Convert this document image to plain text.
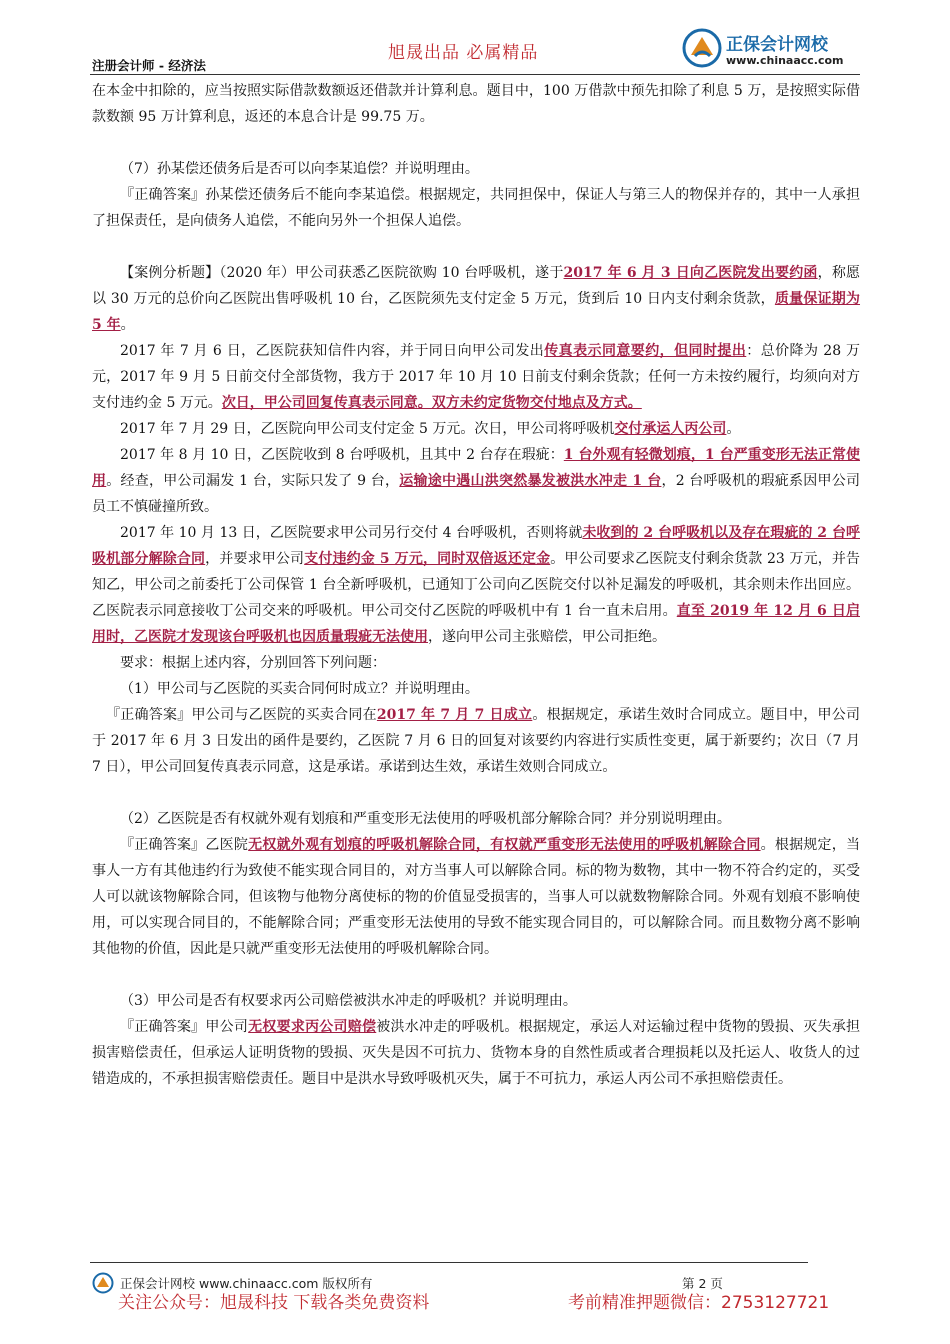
旭晟出品 必属精品
注册会计师 - 经济法
正保会计网校
www.chinaacc.com

在本金中扣除的，应当按照实际借款数额返还借款并计算利息。题目中，100 万借款中预先扣除了利息 5 万，是按照实际借款数额 95 万计算利息，返还的本息合计是 99.75 万。

（7）孙某偿还债务后是否可以向李某追偿？并说明理由。

『正确答案』孙某偿还债务后不能向李某追偿。根据规定，共同担保中，保证人与第三人的物保并存的，其中一人承担了担保责任，是向债务人追偿，不能向另外一个担保人追偿。

【案例分析题】（2020 年）甲公司获悉乙医院欲购 10 台呼吸机，遂于2017 年 6 月 3 日向乙医院发出要约函，称愿以 30 万元的总价向乙医院出售呼吸机 10 台，乙医院须先支付定金 5 万元，货到后 10 日内支付剩余货款，质量保证期为 5 年。

2017 年 7 月 6 日，乙医院获知信件内容，并于同日向甲公司发出传真表示同意要约，但同时提出：总价降为 28 万元，2017 年 9 月 5 日前交付全部货物，我方于 2017 年 10 月 10 日前支付剩余货款；任何一方未按约履行，均须向对方支付违约金 5 万元。次日，甲公司回复传真表示同意。双方未约定货物交付地点及方式。

2017 年 7 月 29 日，乙医院向甲公司支付定金 5 万元。次日，甲公司将呼吸机交付承运人丙公司。

2017 年 8 月 10 日，乙医院收到 8 台呼吸机，且其中 2 台存在瑕疵：1 台外观有轻微划痕，1 台严重变形无法正常使用。经查，甲公司漏发 1 台，实际只发了 9 台，运输途中遇山洪突然暴发被洪水冲走 1 台，2 台呼吸机的瑕疵系因甲公司员工不慎碰撞所致。

2017 年 10 月 13 日，乙医院要求甲公司另行交付 4 台呼吸机，否则将就未收到的 2 台呼吸机以及存在瑕疵的 2 台呼吸机部分解除合同，并要求甲公司支付违约金 5 万元，同时双倍返还定金。甲公司要求乙医院支付剩余货款 23 万元，并告知乙，甲公司之前委托丁公司保管 1 台全新呼吸机，已通知丁公司向乙医院交付以补足漏发的呼吸机，其余则未作出回应。乙医院表示同意接收丁公司交来的呼吸机。甲公司交付乙医院的呼吸机中有 1 台一直未启用。直至 2019 年 12 月 6 日启用时，乙医院才发现该台呼吸机也因质量瑕疵无法使用，遂向甲公司主张赔偿，甲公司拒绝。

要求：根据上述内容，分别回答下列问题：

（1）甲公司与乙医院的买卖合同何时成立？并说明理由。

『正确答案』甲公司与乙医院的买卖合同在2017 年 7 月 7 日成立。根据规定，承诺生效时合同成立。题目中，甲公司于 2017 年 6 月 3 日发出的函件是要约，乙医院 7 月 6 日的回复对该要约内容进行实质性变更，属于新要约；次日（7 月 7 日），甲公司回复传真表示同意，这是承诺。承诺到达生效，承诺生效则合同成立。

（2）乙医院是否有权就外观有划痕和严重变形无法使用的呼吸机部分解除合同？并分别说明理由。

『正确答案』乙医院无权就外观有划痕的呼吸机解除合同，有权就严重变形无法使用的呼吸机解除合同。根据规定，当事人一方有其他违约行为致使不能实现合同目的，对方当事人可以解除合同。标的物为数物，其中一物不符合约定的，买受人可以就该物解除合同，但该物与他物分离使标的物的价值显受损害的，当事人可以就数物解除合同。外观有划痕不影响使用，可以实现合同目的，不能解除合同；严重变形无法使用的导致不能实现合同目的，可以解除合同。而且数物分离不影响其他物的价值，因此是只就严重变形无法使用的呼吸机解除合同。

（3）甲公司是否有权要求丙公司赔偿被洪水冲走的呼吸机？并说明理由。

『正确答案』甲公司无权要求丙公司赔偿被洪水冲走的呼吸机。根据规定，承运人对运输过程中货物的毁损、灭失承担损害赔偿责任，但承运人证明货物的毁损、灭失是因不可抗力、货物本身的自然性质或者合理损耗以及托运人、收货人的过错造成的，不承担损害赔偿责任。题目中是洪水导致呼吸机灭失，属于不可抗力，承运人丙公司不承担赔偿责任。

正保会计网校 www.chinaacc.com 版权所有	第 2 页
关注公众号：旭晟科技 下载各类免费资料	考前精准押题微信：2753127721
